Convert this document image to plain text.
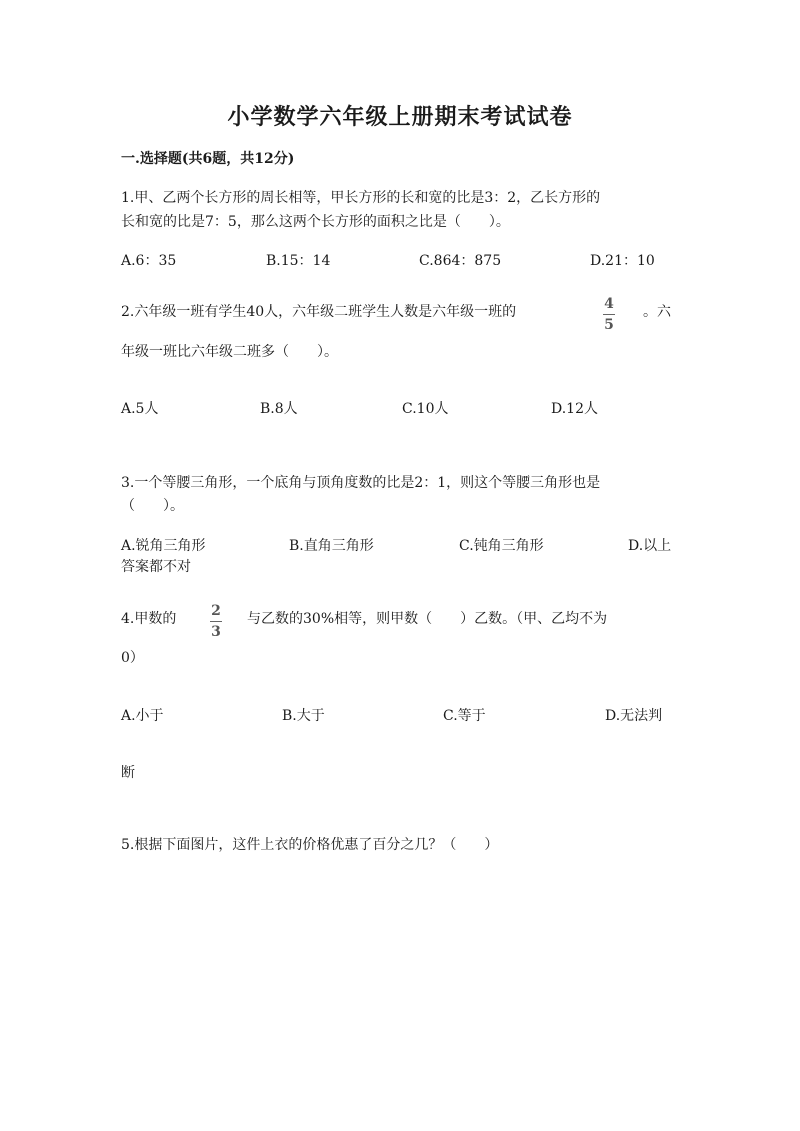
小学数学六年级上册期末考试试卷
一.选择题(共6题，共12分)
1.甲、乙两个长方形的周长相等，甲长方形的长和宽的比是3：2，乙长方形的
长和宽的比是7：5，那么这两个长方形的面积之比是（　　）。
A.6：35	B.15：14	C.864：875	D.21：10
2.六年级一班有学生40人，六年级二班学生人数是六年级一班的	4
5
。六
年级一班比六年级二班多（　　）。
A.5人	B.8人	C.10人	D.12人
3.一个等腰三角形，一个底角与顶角度数的比是2：1，则这个等腰三角形也是
（　　）。
A.锐角三角形	B.直角三角形	C.钝角三角形	D.以上
答案都不对
4.甲数的 2
3
与乙数的30%相等，则甲数（　　）乙数。（甲、乙均不为
0）
A.小于	B.大于	C.等于	D.无法判
断
5.根据下面图片，这件上衣的价格优惠了百分之几？（　　）
